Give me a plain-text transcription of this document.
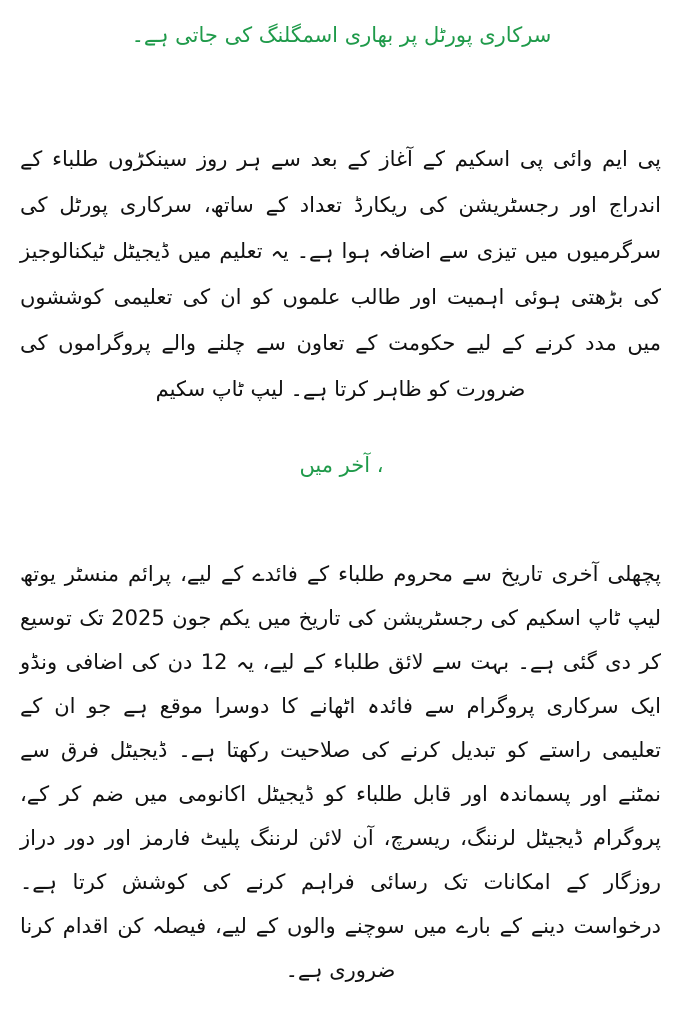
سرکاری پورٹل پر بھاری اسمگلنگ کی جاتی ہے۔

پی ایم وائی پی اسکیم کے آغاز کے بعد سے ہر روز سینکڑوں طلباء کے اندراج اور رجسٹریشن کی ریکارڈ تعداد کے ساتھ، سرکاری پورٹل کی سرگرمیوں میں تیزی سے اضافہ ہوا ہے۔ یہ تعلیم میں ڈیجیٹل ٹیکنالوجیز کی بڑھتی ہوئی اہمیت اور طالب علموں کو ان کی تعلیمی کوششوں میں مدد کرنے کے لیے حکومت کے تعاون سے چلنے والے پروگراموں کی ضرورت کو ظاہر کرتا ہے۔ لیپ ٹاپ سکیم

، آخر میں

پچھلی آخری تاریخ سے محروم طلباء کے فائدے کے لیے، پرائم منسٹر یوتھ لیپ ٹاپ اسکیم کی رجسٹریشن کی تاریخ میں یکم جون 2025 تک توسیع کر دی گئی ہے۔ بہت سے لائق طلباء کے لیے، یہ 12 دن کی اضافی ونڈو ایک سرکاری پروگرام سے فائدہ اٹھانے کا دوسرا موقع ہے جو ان کے تعلیمی راستے کو تبدیل کرنے کی صلاحیت رکھتا ہے۔ ڈیجیٹل فرق سے نمٹنے اور پسماندہ اور قابل طلباء کو ڈیجیٹل اکانومی میں ضم کر کے، پروگرام ڈیجیٹل لرننگ، ریسرچ، آن لائن لرننگ پلیٹ فارمز اور دور دراز روزگار کے امکانات تک رسائی فراہم کرنے کی کوشش کرتا ہے۔ درخواست دینے کے بارے میں سوچنے والوں کے لیے، فیصلہ کن اقدام کرنا ضروری ہے۔
